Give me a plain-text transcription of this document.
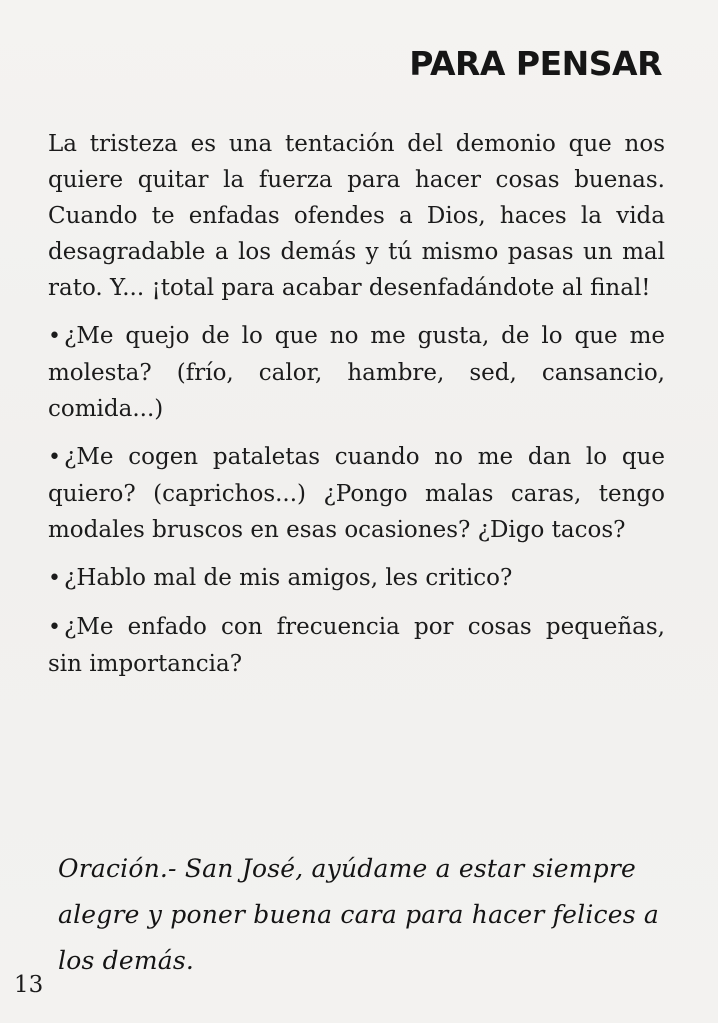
PARA PENSAR

La tristeza es una tentación del demonio que nos quiere quitar la fuerza para hacer cosas buenas. Cuando te enfadas ofendes a Dios, haces la vida desagradable a los demás y tú mismo pasas un mal rato. Y... ¡total para acabar desenfadándote al final!

• ¿Me quejo de lo que no me gusta, de lo que me molesta? (frío, calor, hambre, sed, cansancio, comida...)

• ¿Me cogen pataletas cuando no me dan lo que quiero? (caprichos...) ¿Pongo malas caras, tengo modales bruscos en esas ocasiones? ¿Digo tacos?

• ¿Hablo mal de mis amigos, les critico?

• ¿Me enfado con frecuencia por cosas pequeñas, sin importancia?

Oración.- San José, ayúdame a estar siempre alegre y poner buena cara para hacer felices a los demás.
13
